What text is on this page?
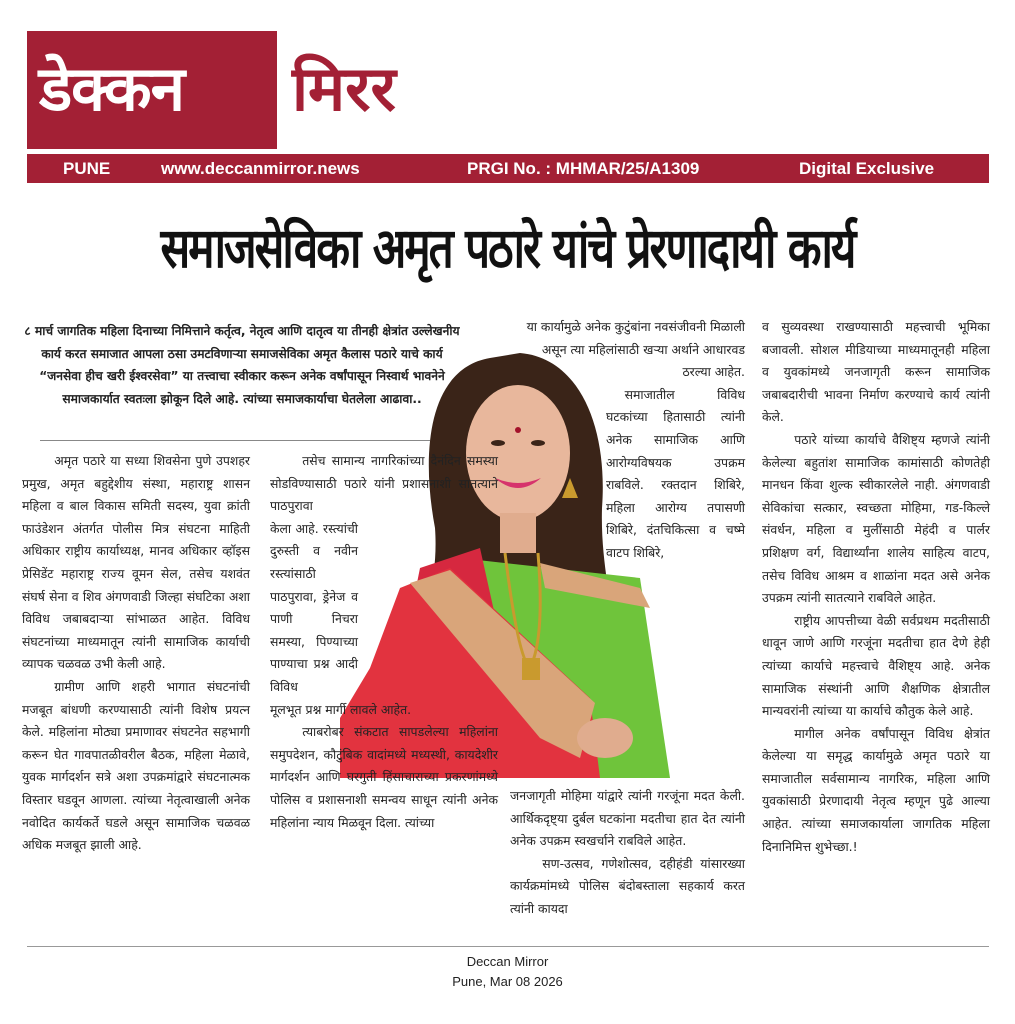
डेक्कन मिरर
PUNE	www.deccanmirror.news	PRGI No. : MHMAR/25/A1309	Digital Exclusive
समाजसेविका अमृत पठारे यांचे प्रेरणादायी कार्य
८ मार्च जागतिक महिला दिनाच्या निमित्ताने कर्तृत्व, नेतृत्व आणि दातृत्व या तीनही क्षेत्रांत उल्लेखनीय कार्य करत समाजात आपला ठसा उमटविणाऱ्या समाजसेविका अमृत कैलास पठारे याचे कार्य “जनसेवा हीच खरी ईश्वरसेवा” या तत्त्वाचा स्वीकार करून अनेक वर्षांपासून निस्वार्थ भावनेने समाजकार्यात स्वतःला झोकून दिले आहे. त्यांच्या समाजकार्याचा घेतलेला आढावा..

अमृत पठारे या सध्या शिवसेना पुणे उपशहर प्रमुख, अमृत बहुद्देशीय संस्था, महाराष्ट्र शासन महिला व बाल विकास समिती सदस्य, युवा क्रांती फाउंडेशन अंतर्गत पोलीस मित्र संघटना माहिती अधिकार राष्ट्रीय कार्याध्यक्ष, मानव अधिकार व्हॉइस प्रेसिडेंट महाराष्ट्र राज्य वूमन सेल, तसेच यशवंत संघर्ष सेना व शिव अंगणवाडी जिल्हा संघटिका अशा विविध जबाबदाऱ्या सांभाळत आहेत. विविध संघटनांच्या माध्यमातून त्यांनी सामाजिक कार्याची व्यापक चळवळ उभी केली आहे.

ग्रामीण आणि शहरी भागात संघटनांची मजबूत बांधणी करण्यासाठी त्यांनी विशेष प्रयत्न केले. महिलांना मोठ्या प्रमाणावर संघटनेत सहभागी करून घेत गावपातळीवरील बैठक, महिला मेळावे, युवक मार्गदर्शन सत्रे अशा उपक्रमांद्वारे संघटनात्मक विस्तार घडवून आणला. त्यांच्या नेतृत्वाखाली अनेक नवोदित कार्यकर्ते घडले असून सामाजिक चळवळ अधिक मजबूत झाली आहे.

तसेच सामान्य नागरिकांच्या दैनंदिन समस्या सोडविण्यासाठी पठारे यांनी प्रशासनाशी सातत्याने पाठपुरावा

केला आहे. रस्त्यांची दुरुस्ती व नवीन रस्त्यांसाठी पाठपुरावा, ड्रेनेज व पाणी निचरा समस्या, पिण्याच्या पाण्याचा प्रश्न आदी विविध

मूलभूत प्रश्न मार्गी लावले आहेत.

त्याबरोबर संकटात सापडलेल्या महिलांना समुपदेशन, कौटुंबिक वादांमध्ये मध्यस्थी, कायदेशीर मार्गदर्शन आणि घरगुती हिंसाचाराच्या प्रकरणांमध्ये पोलिस व प्रशासनाशी समन्वय साधून त्यांनी अनेक महिलांना न्याय मिळवून दिला. त्यांच्या

या कार्यामुळे अनेक कुटुंबांना नवसंजीवनी मिळाली असून त्या महिलांसाठी खऱ्या अर्थाने आधारवड ठरल्या आहेत.

समाजातील विविध घटकांच्या हितासाठी त्यांनी अनेक सामाजिक आणि आरोग्यविषयक उपक्रम राबविले. रक्तदान शिबिरे, महिला आरोग्य तपासणी शिबिरे, दंतचिकित्सा व चष्मे वाटप शिबिरे,

जनजागृती मोहिमा यांद्वारे त्यांनी गरजूंना मदत केली. आर्थिकदृष्ट्या दुर्बल घटकांना मदतीचा हात देत त्यांनी अनेक उपक्रम स्वखर्चाने राबविले आहेत.

सण-उत्सव, गणेशोत्सव, दहीहंडी यांसारख्या कार्यक्रमांमध्ये पोलिस बंदोबस्ताला सहकार्य करत त्यांनी कायदा

व सुव्यवस्था राखण्यासाठी महत्त्वाची भूमिका बजावली. सोशल मीडियाच्या माध्यमातूनही महिला व युवकांमध्ये जनजागृती करून सामाजिक जबाबदारीची भावना निर्माण करण्याचे कार्य त्यांनी केले.

पठारे यांच्या कार्याचे वैशिष्ट्य म्हणजे त्यांनी केलेल्या बहुतांश सामाजिक कामांसाठी कोणतेही मानधन किंवा शुल्क स्वीकारलेले नाही. अंगणवाडी सेविकांचा सत्कार, स्वच्छता मोहिमा, गड-किल्ले संवर्धन, महिला व मुलींसाठी मेहंदी व पार्लर प्रशिक्षण वर्ग, विद्यार्थ्यांना शालेय साहित्य वाटप, तसेच विविध आश्रम व शाळांना मदत असे अनेक उपक्रम त्यांनी सातत्याने राबविले आहेत.

राष्ट्रीय आपत्तीच्या वेळी सर्वप्रथम मदतीसाठी धावून जाणे आणि गरजूंना मदतीचा हात देणे हेही त्यांच्या कार्याचे महत्त्वाचे वैशिष्ट्य आहे. अनेक सामाजिक संस्थांनी आणि शैक्षणिक क्षेत्रातील मान्यवरांनी त्यांच्या या कार्याचे कौतुक केले आहे.

मागील अनेक वर्षांपासून विविध क्षेत्रांत केलेल्या या समृद्ध कार्यामुळे अमृत पठारे या समाजातील सर्वसामान्य नागरिक, महिला आणि युवकांसाठी प्रेरणादायी नेतृत्व म्हणून पुढे आल्या आहेत. त्यांच्या समाजकार्याला जागतिक महिला दिनानिमित्त शुभेच्छा.!

Deccan Mirror
Pune, Mar 08 2026
